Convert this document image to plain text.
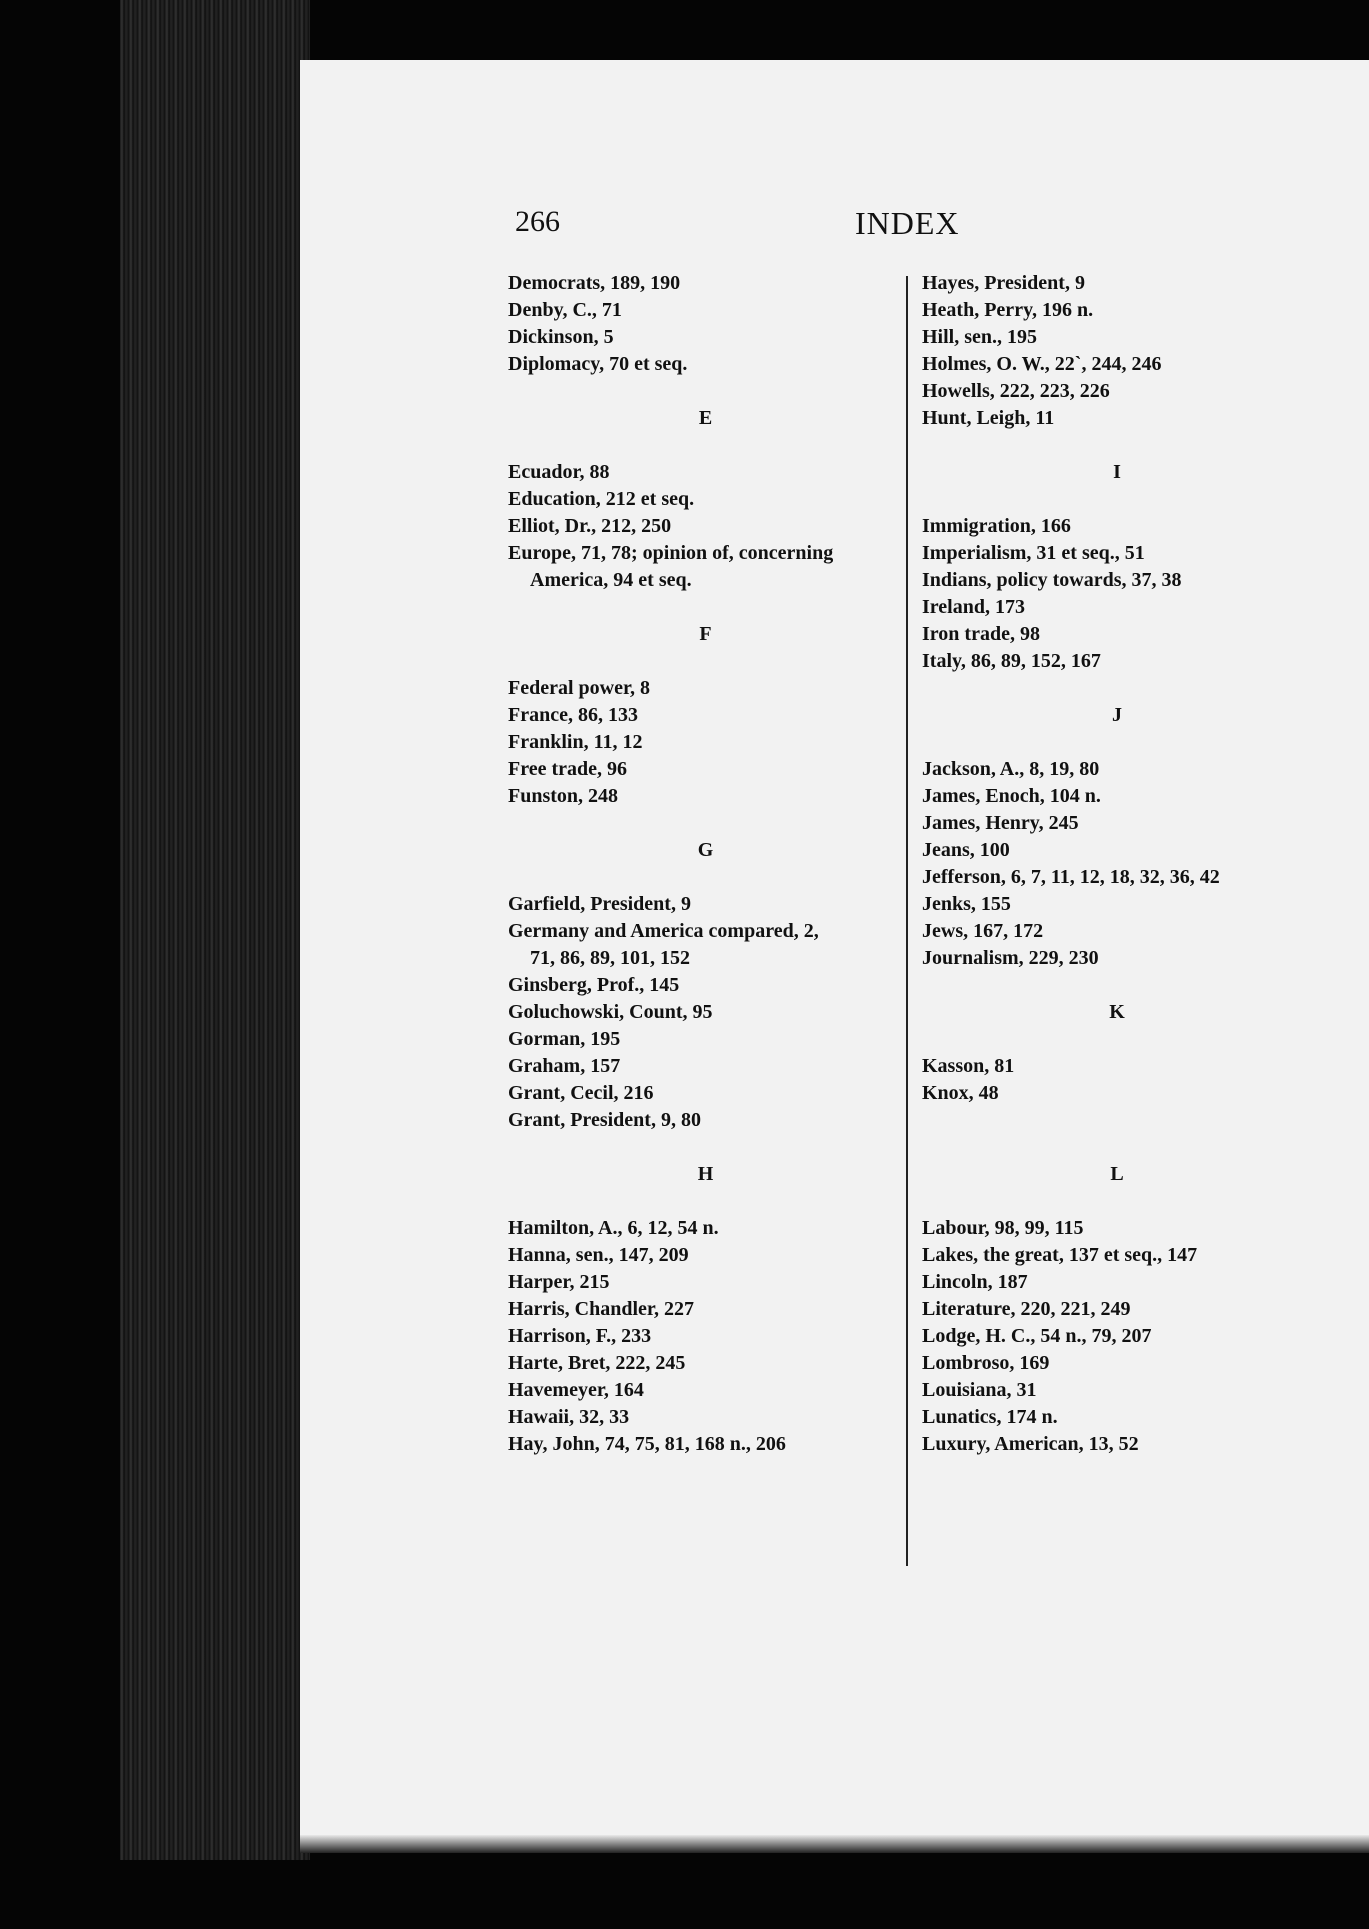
266	INDEX

Democrats, 189, 190

Denby, C., 71

Dickinson, 5

Diplomacy, 70 et seq.

E

Ecuador, 88

Education, 212 et seq.

Elliot, Dr., 212, 250

Europe, 71, 78; opinion of, concerning

America, 94 et seq.

F

Federal power, 8

France, 86, 133

Franklin, 11, 12

Free trade, 96

Funston, 248

G

Garfield, President, 9

Germany and America compared, 2,

71, 86, 89, 101, 152

Ginsberg, Prof., 145

Goluchowski, Count, 95

Gorman, 195

Graham, 157

Grant, Cecil, 216

Grant, President, 9, 80

H

Hamilton, A., 6, 12, 54 n.

Hanna, sen., 147, 209

Harper, 215

Harris, Chandler, 227

Harrison, F., 233

Harte, Bret, 222, 245

Havemeyer, 164

Hawaii, 32, 33

Hay, John, 74, 75, 81, 168 n., 206

Hayes, President, 9

Heath, Perry, 196 n.

Hill, sen., 195

Holmes, O. W., 22`, 244, 246

Howells, 222, 223, 226

Hunt, Leigh, 11

I

Immigration, 166

Imperialism, 31 et seq., 51

Indians, policy towards, 37, 38

Ireland, 173

Iron trade, 98

Italy, 86, 89, 152, 167

J

Jackson, A., 8, 19, 80

James, Enoch, 104 n.

James, Henry, 245

Jeans, 100

Jefferson, 6, 7, 11, 12, 18, 32, 36, 42

Jenks, 155

Jews, 167, 172

Journalism, 229, 230

K

Kasson, 81

Knox, 48

L

Labour, 98, 99, 115

Lakes, the great, 137 et seq., 147

Lincoln, 187

Literature, 220, 221, 249

Lodge, H. C., 54 n., 79, 207

Lombroso, 169

Louisiana, 31

Lunatics, 174 n.

Luxury, American, 13, 52
